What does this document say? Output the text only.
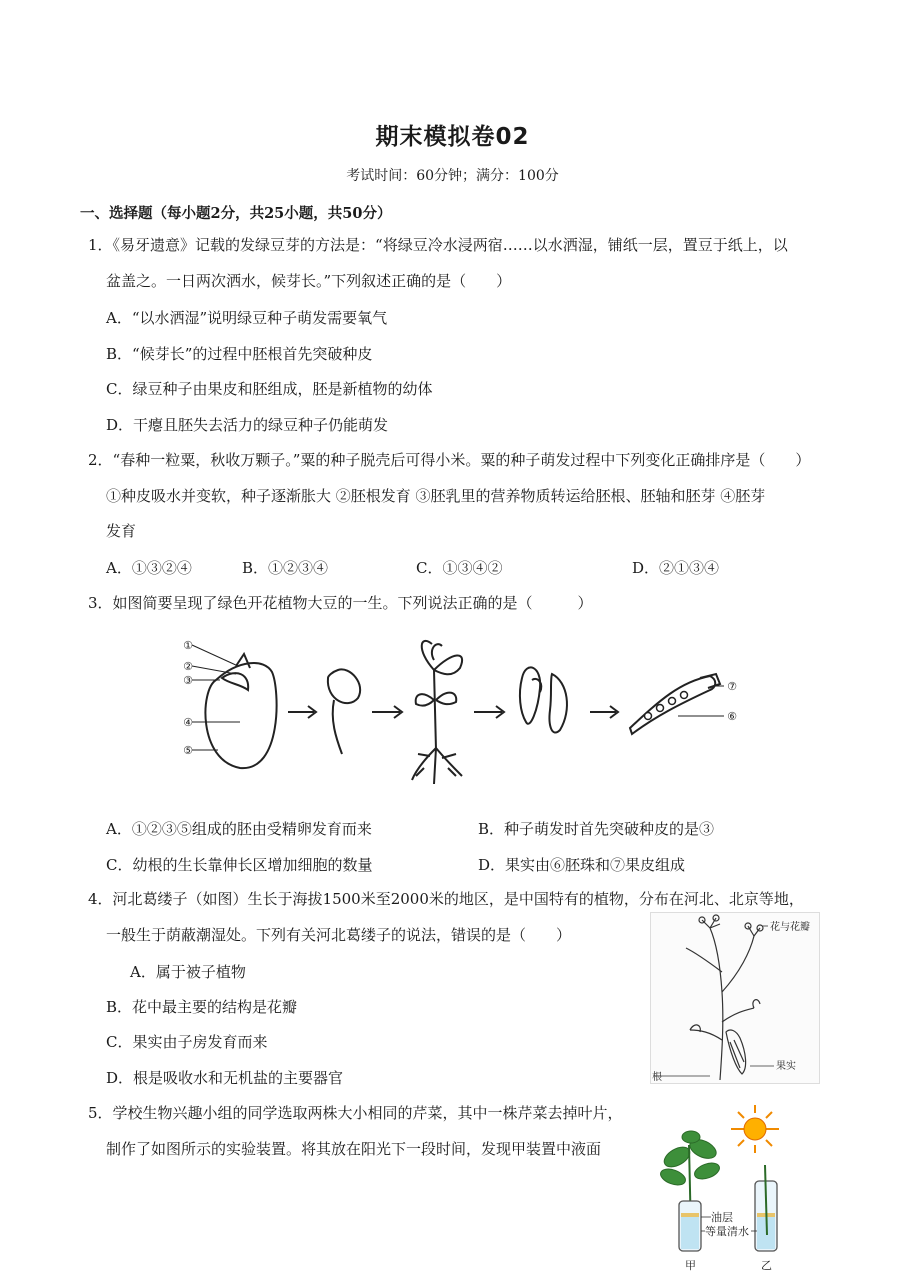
期末模拟卷02
考试时间：60分钟；满分：100分
一、选择题（每小题2分，共25小题，共50分）
1．《易牙遗意》记载的发绿豆芽的方法是：“将绿豆冷水浸两宿……以水洒湿，铺纸一层，置豆于纸上，以
盆盖之。一日两次洒水，候芽长。”下列叙述正确的是（　　）
A．“以水洒湿”说明绿豆种子萌发需要氧气
B．“候芽长”的过程中胚根首先突破种皮
C．绿豆种子由果皮和胚组成，胚是新植物的幼体
D．干瘪且胚失去活力的绿豆种子仍能萌发
2．“春种一粒粟，秋收万颗子。”粟的种子脱壳后可得小米。粟的种子萌发过程中下列变化正确排序是（　　）
①种皮吸水并变软，种子逐渐胀大 ②胚根发育 ③胚乳里的营养物质转运给胚根、胚轴和胚芽 ④胚芽
发育
A．①③②④	B．①②③④	C．①③④②	D．②①③④
3．如图简要呈现了绿色开花植物大豆的一生。下列说法正确的是（　　　）
①
②
③
④
⑤
⑦
⑥
A．①②③⑤组成的胚由受精卵发育而来	B．种子萌发时首先突破种皮的是③
C．幼根的生长靠伸长区增加细胞的数量	D．果实由⑥胚珠和⑦果皮组成
4．河北葛缕子（如图）生长于海拔1500米至2000米的地区，是中国特有的植物，分布在河北、北京等地，
一般生于荫蔽潮湿处。下列有关河北葛缕子的说法，错误的是（　　）
A．属于被子植物
B．花中最主要的结构是花瓣
C．果实由子房发育而来
D．根是吸收水和无机盐的主要器官
花与花瓣
果实
根
5．学校生物兴趣小组的同学选取两株大小相同的芹菜，其中一株芹菜去掉叶片，
制作了如图所示的实验装置。将其放在阳光下一段时间，发现甲装置中液面
油层
等量清水
甲	乙
